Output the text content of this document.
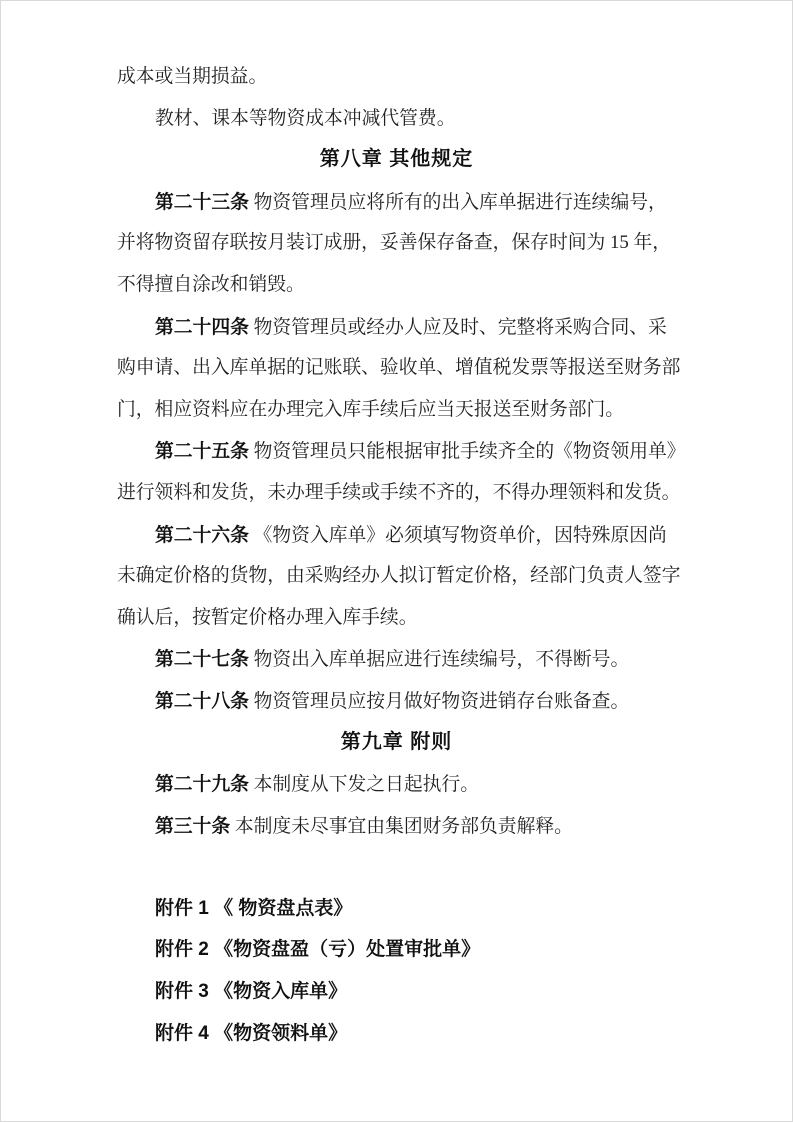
成本或当期损益。
教材、课本等物资成本冲减代管费。
第八章 其他规定
第二十三条 物资管理员应将所有的出入库单据进行连续编号，
并将物资留存联按月装订成册，妥善保存备查，保存时间为 15 年，
不得擅自涂改和销毁。
第二十四条 物资管理员或经办人应及时、完整将采购合同、采
购申请、出入库单据的记账联、验收单、增值税发票等报送至财务部
门，相应资料应在办理完入库手续后应当天报送至财务部门。
第二十五条 物资管理员只能根据审批手续齐全的《物资领用单》
进行领料和发货，未办理手续或手续不齐的，不得办理领料和发货。
第二十六条 《物资入库单》必须填写物资单价，因特殊原因尚
未确定价格的货物，由采购经办人拟订暂定价格，经部门负责人签字
确认后，按暂定价格办理入库手续。
第二十七条 物资出入库单据应进行连续编号，不得断号。
第二十八条 物资管理员应按月做好物资进销存台账备查。
第九章 附则
第二十九条 本制度从下发之日起执行。
第三十条 本制度未尽事宜由集团财务部负责解释。
附件 1 《 物资盘点表》
附件 2 《物资盘盈（亏）处置审批单》
附件 3 《物资入库单》
附件 4 《物资领料单》
